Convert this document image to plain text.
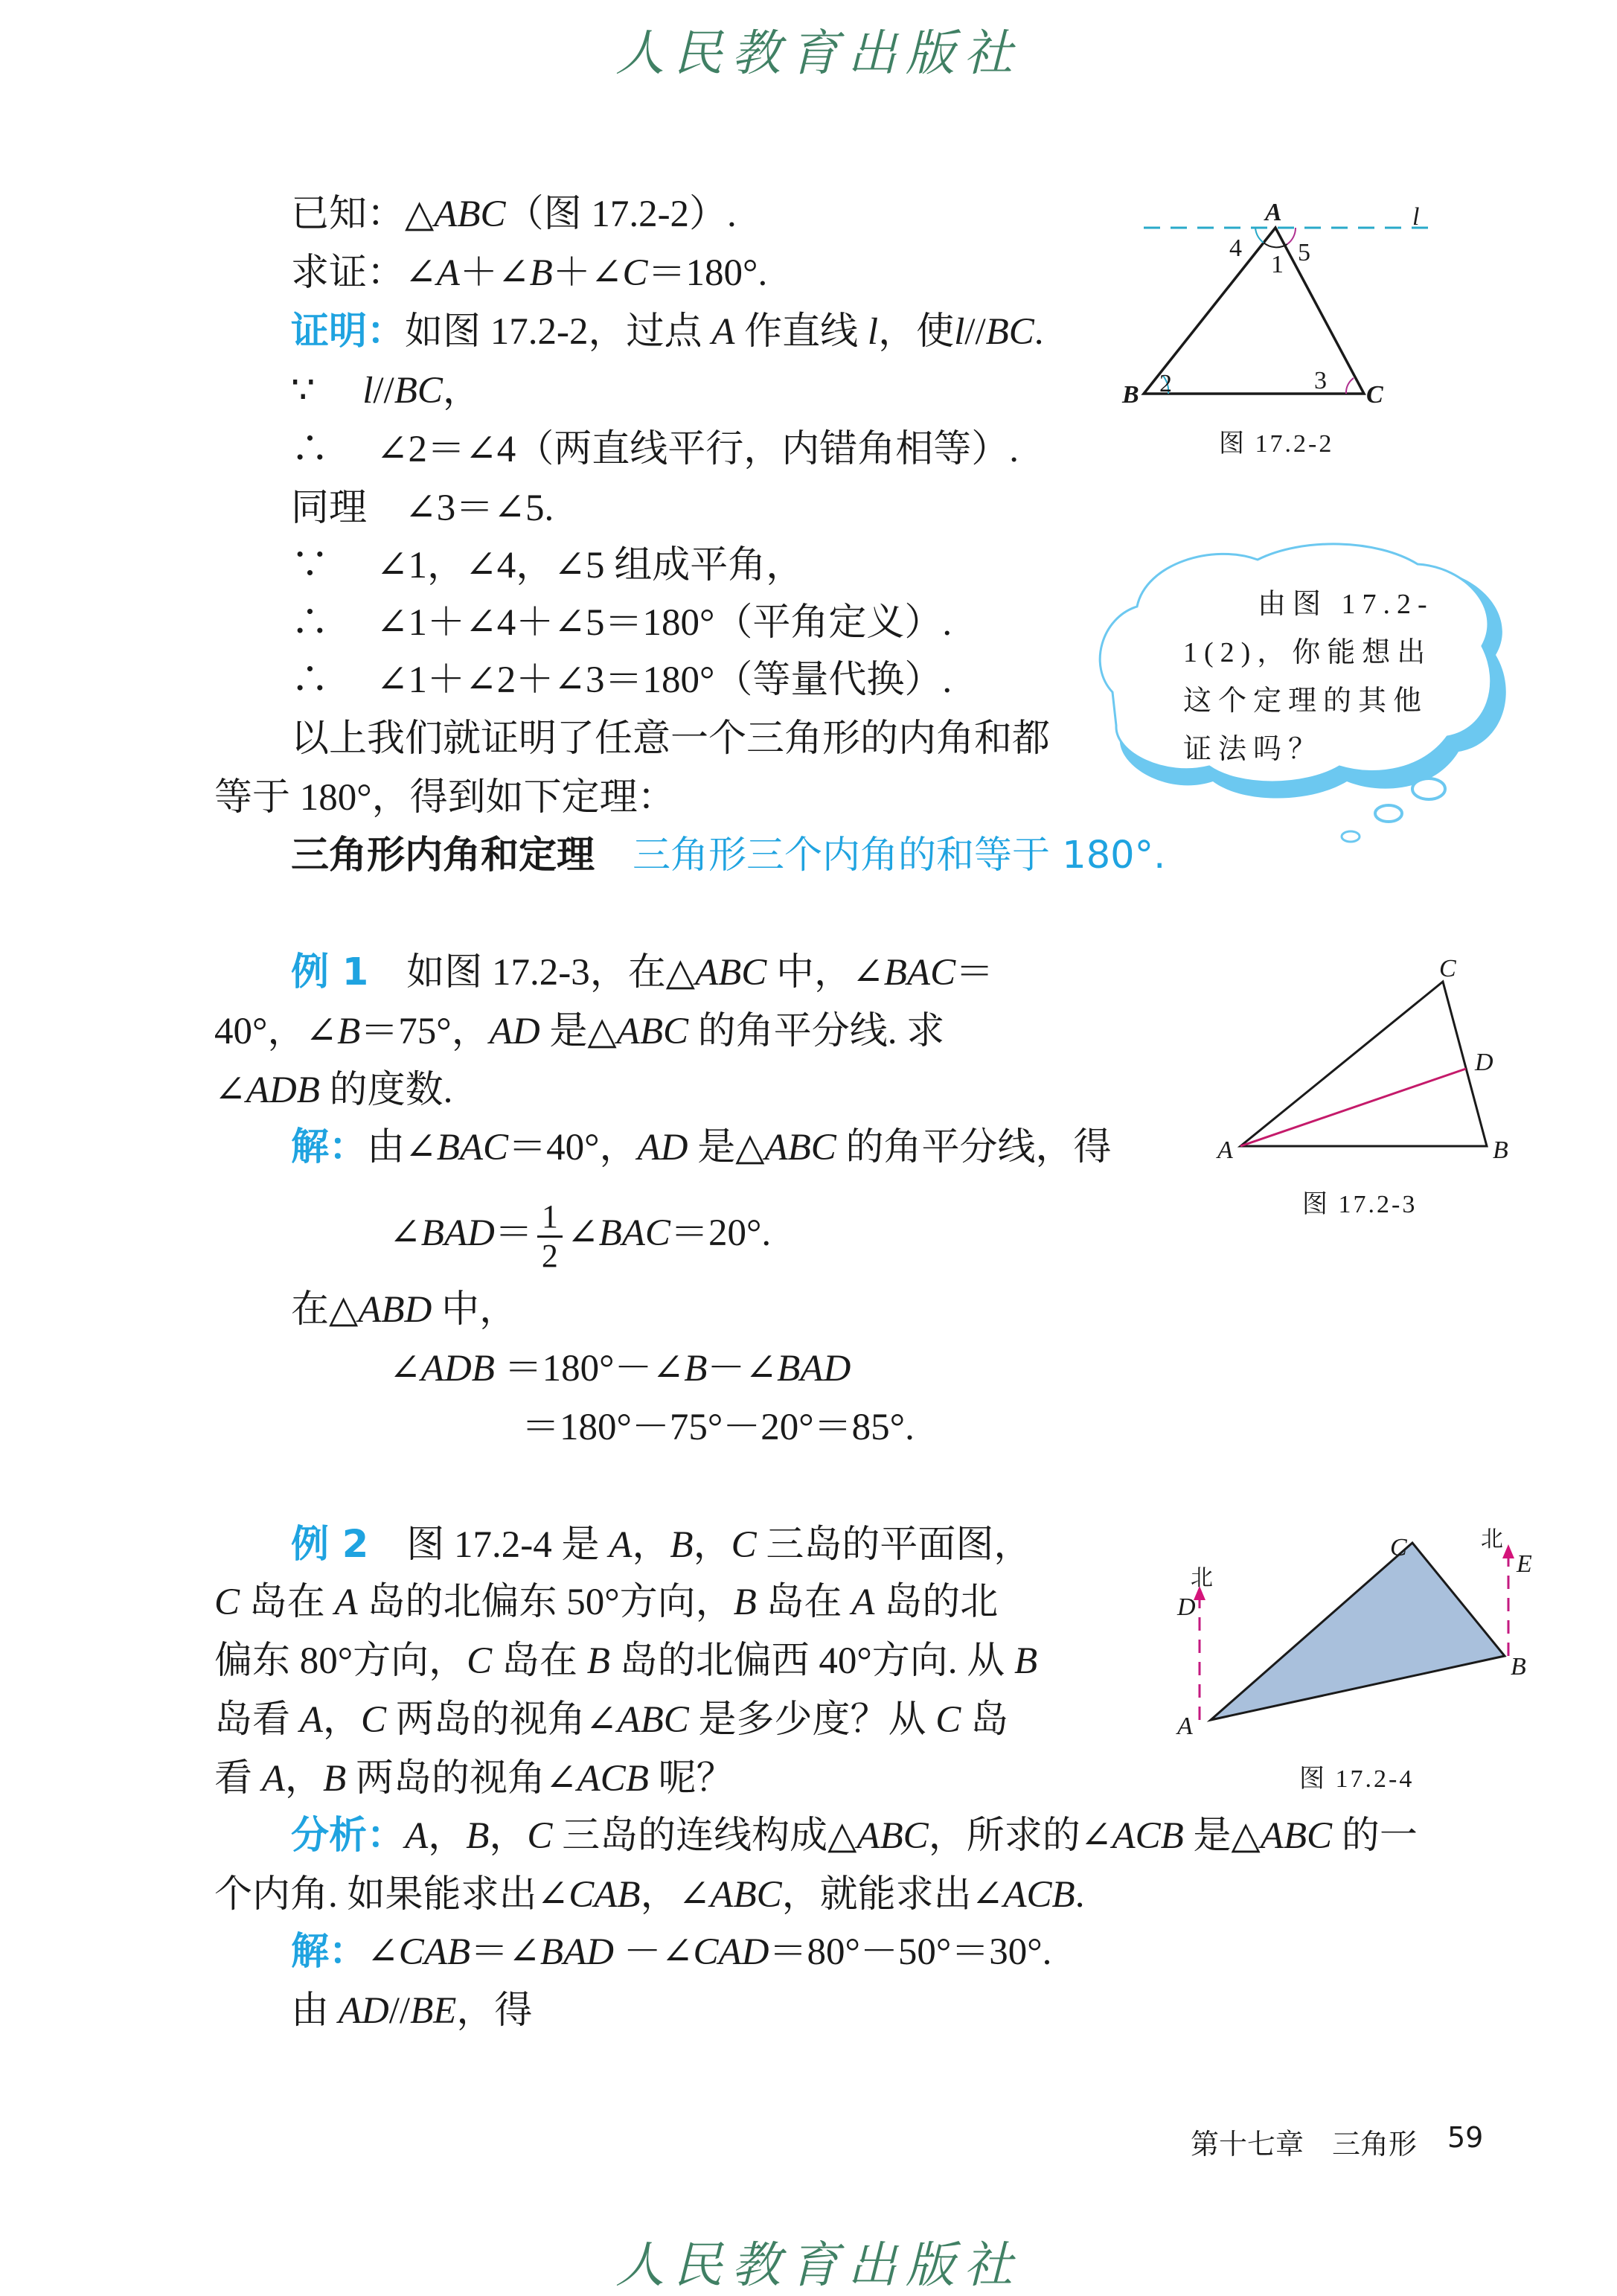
人民教育出版社
已知：△ABC（图 17.2-2）.
求证：∠A＋∠B＋∠C＝180°.
证明：如图 17.2-2，过点 A 作直线 l，使l//BC.
∵　 l//BC，
∴　 ∠2＝∠4（两直线平行，内错角相等）.
同理　∠3＝∠5.
∵　 ∠1，∠4，∠5 组成平角，
∴　 ∠1＋∠4＋∠5＝180°（平角定义）.
∴　 ∠1＋∠2＋∠3＝180°（等量代换）.
以上我们就证明了任意一个三角形的内角和都
等于 180°，得到如下定理：
三角形内角和定理　 三角形三个内角的和等于 180°.
例 1　如图 17.2-3，在△ABC 中，∠BAC＝
40°，∠B＝75°，AD 是△ABC 的角平分线. 求
∠ADB 的度数.
解：由∠BAC＝40°，AD 是△ABC 的角平分线，得
∠BAD＝ $\frac{1}{2}$ ∠BAC＝20°.
在△ABD 中，
∠ADB ＝180°－∠B－∠BAD
＝180°－75°－20°＝85°.
例 2　图 17.2-4 是 A，B，C 三岛的平面图，
C 岛在 A 岛的北偏东 50°方向，B 岛在 A 岛的北
偏东 80°方向，C 岛在 B 岛的北偏西 40°方向. 从 B
岛看 A，C 两岛的视角∠ABC 是多少度？从 C 岛
看 A，B 两岛的视角∠ACB 呢？
分析：A，B，C 三岛的连线构成△ABC，所求的∠ACB 是△ABC 的一
个内角. 如果能求出∠CAB，∠ABC，就能求出∠ACB.
解：∠CAB＝∠BAD －∠CAD＝80°－50°＝30°.
由 AD//BE，得
A	l
B	C
1
2	3
4 5
图 17.2-2
由图 17.2-
1(2)，你能想出
这个定理的其他
证法吗？
A	B
C
D
图 17.2-3
A
B
C
D
E
北
北
图 17.2-4
第十七章　三角形 59
人民教育出版社
